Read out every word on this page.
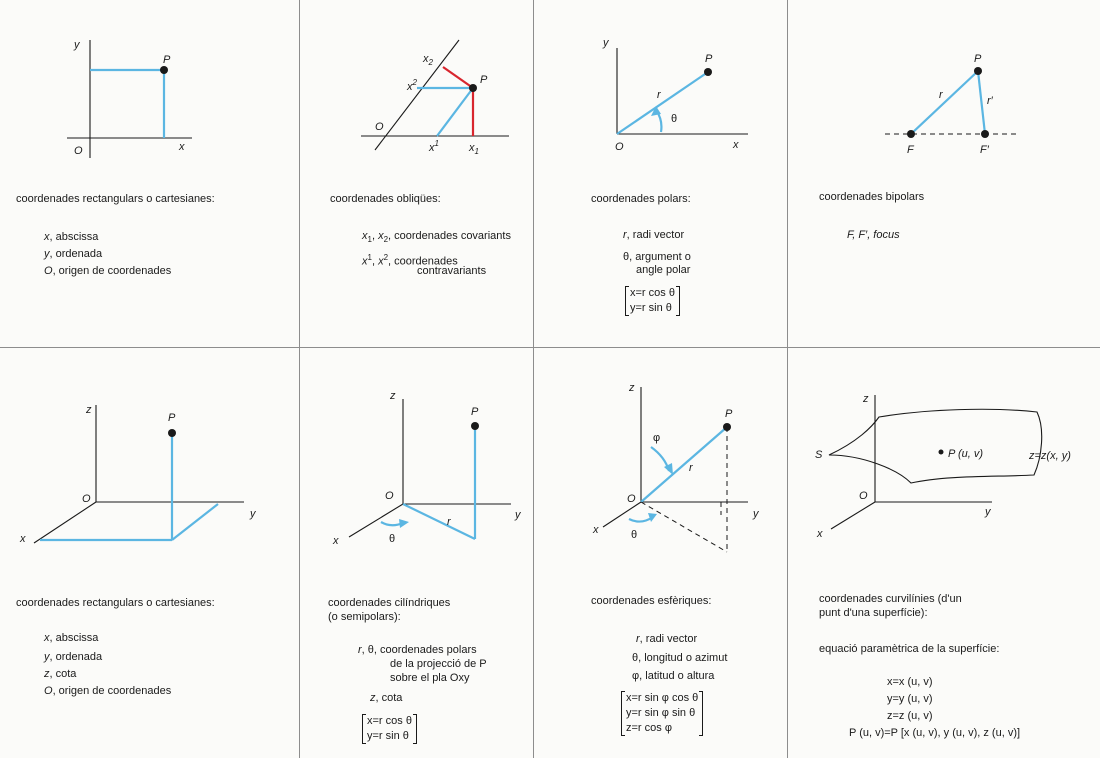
y
x
O
P
coordenades rectangulars o cartesianes:
x, abscissa
y, ordenada
O, origen de coordenades
O
P
$x_2$
$x^2$
$x^1$	$x_1$
coordenades obliqües:
$x_1$, $x_2$, coordenades covariants
$x^1$, $x^2$, coordenades
contravariants
y
x
O
P
r
θ
coordenades polars:
r, radi vector
θ, argument o
angle polar
x=r cos θ
y=r sin θ
P
r	r′
F	F′
coordenades bipolars
F, F′, focus
z
y
x
O
P
coordenades rectangulars o cartesianes:
x, abscissa
y, ordenada
z, cota
O, origen de coordenades
z
y
x
O
P
r
θ
coordenades cilíndriques
(o semipolars):
r, θ, coordenades polars
de la projecció de P
sobre el pla Oxy
z, cota
x=r cos θ
y=r sin θ
z
y
x
O
P
r
φ
θ
coordenades esfèriques:
r, radi vector
θ, longitud o azimut
φ, latitud o altura
x=r sin φ cos θ
y=r sin φ sin θ
z=r cos φ
z
y
x
O
S	P (u, v)	z=z(x, y)
coordenades curvilínies (d'un
punt d'una superfície):
equació paramètrica de la superfície:
x=x (u, v)
y=y (u, v)
z=z (u, v)
P (u, v)=P [x (u, v), y (u, v), z (u, v)]
